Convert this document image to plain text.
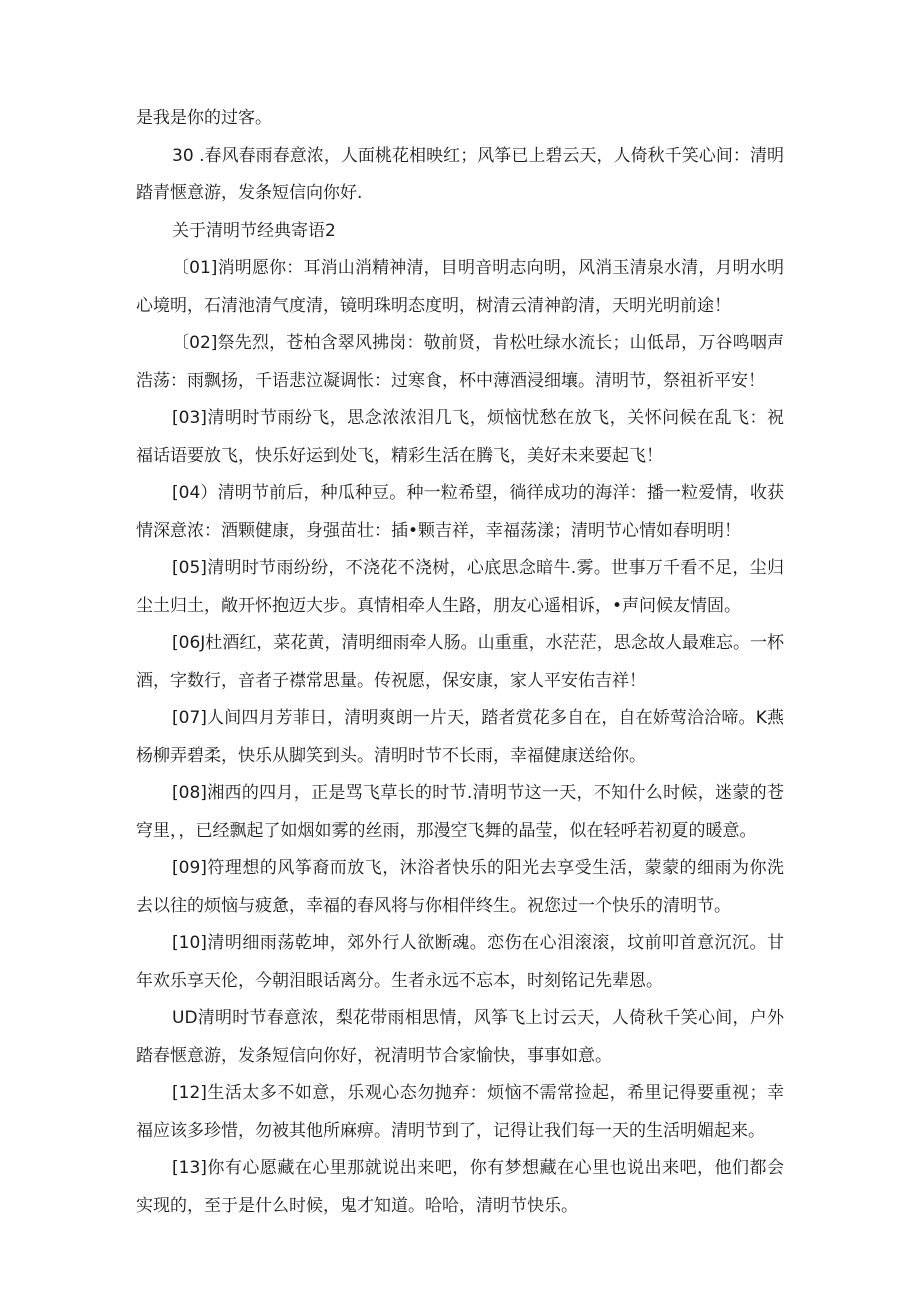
是我是你的过客。

30 .春风春雨春意浓，人面桃花相映红；风筝已上碧云天，人倚秋千笑心间：清明踏青惬意游，发条短信向你好.

关于清明节经典寄语2

〔01]消明愿你：耳消山消精神清，目明音明志向明，风消玉清泉水清，月明水明心境明，石清池清气度清，镜明珠明态度明，树清云清神韵清，天明光明前途！

〔02]祭先烈，苍柏含翠风拂岗：敬前贤，肯松吐绿水流长；山低昂，万谷鸣咽声浩荡：雨飘扬，千语悲泣凝调怅：过寒食，杯中薄酒浸细壤。清明节，祭祖祈平安！

[03]清明时节雨纷飞，思念浓浓泪几飞，烦恼忧愁在放飞，关怀问候在乱飞：祝福话语要放飞，快乐好运到处飞，精彩生活在腾飞，美好未来要起飞！

[04）清明节前后，种瓜种豆。种一粒希望，徜徉成功的海洋：播一粒爱情，收获情深意浓：酒颗健康，身强苗壮：插•颗吉祥，幸福荡漾；清明节心情如春明明！

[05]清明时节雨纷纷，不浇花不浇树，心底思念暗牛.雾。世事万千看不足，尘归尘土归土，敞开怀抱迈大步。真情相牵人生路，朋友心遥相诉，•声问候友情固。

[06J杜酒红，菜花黄，清明细雨牵人肠。山重重，水茫茫，思念故人最难忘。一杯酒，字数行，音者子襟常思量。传祝愿，保安康，家人平安佑吉祥！

[07]人间四月芳菲日，清明爽朗一片天，踏者赏花多自在，自在娇莺洽洽啼。K燕杨柳弄碧柔，快乐从脚笑到头。清明时节不长雨，幸福健康送给你。

[08]湘西的四月，正是骂飞草长的时节.清明节这一天，不知什么时候，迷蒙的苍穹里，，已经飘起了如烟如雾的丝雨，那漫空飞舞的晶莹，似在轻呼若初夏的暖意。

[09]符理想的风筝裔而放飞，沐浴者快乐的阳光去享受生活，蒙蒙的细雨为你洗去以往的烦恼与疲惫，幸福的春风将与你相伴终生。祝您过一个快乐的清明节。

[10]清明细雨荡乾坤，郊外行人欲断魂。恋伤在心泪滚滚，坟前叩首意沉沉。甘年欢乐享天伦，今朝泪眼话离分。生者永远不忘本，时刻铭记先辈恩。

UD清明时节春意浓，梨花带雨相思情，风筝飞上讨云天，人倚秋千笑心间，户外踏春惬意游，发条短信向你好，祝清明节合家愉快，事事如意。

[12]生活太多不如意，乐观心态勿抛弃：烦恼不需常捡起，希里记得要重视；幸福应该多珍惜，勿被其他所麻痹。清明节到了，记得让我们每一天的生活明媚起来。

[13]你有心愿藏在心里那就说出来吧，你有梦想藏在心里也说出来吧，他们都会实现的，至于是什么时候，鬼才知道。哈哈，清明节快乐。
